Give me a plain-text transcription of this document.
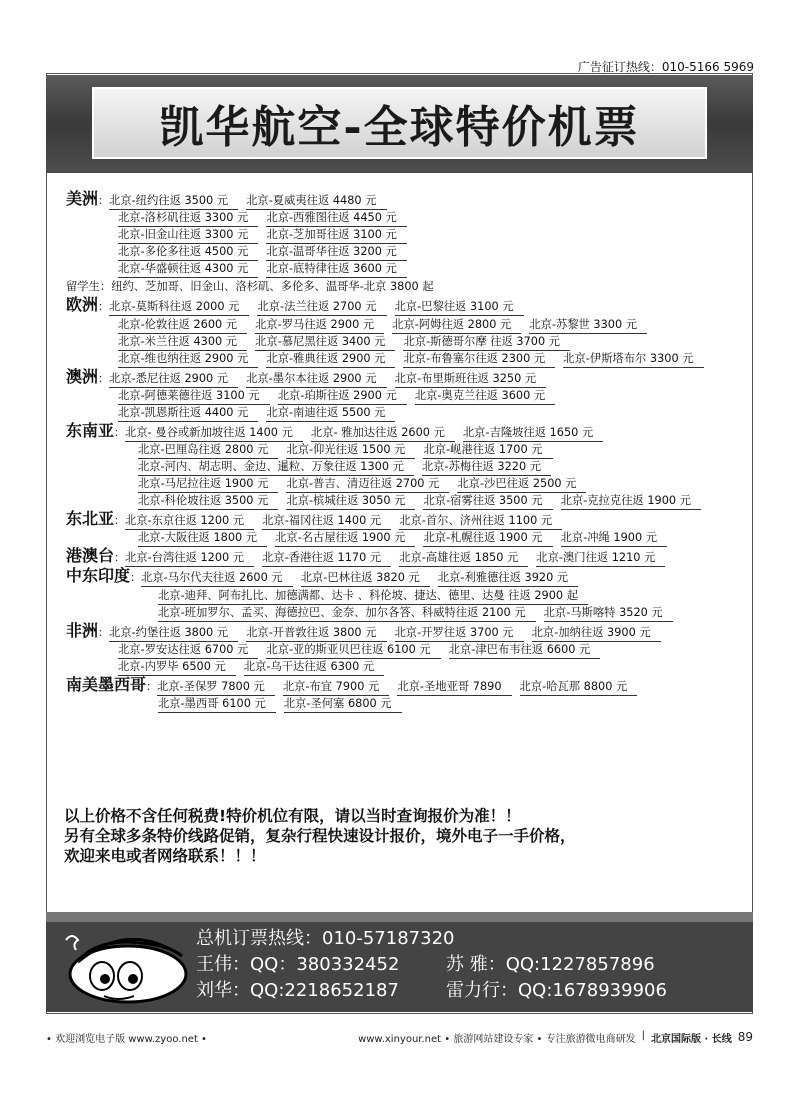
广告征订热线：010-5166 5969
凯华航空-全球特价机票
美洲 ： 北京-纽约往返 3500 元	北京-夏威夷往返 4480 元
北京-洛杉矶往返 3300 元	北京-西雅图往返 4450 元
北京-旧金山往返 3300 元	北京-芝加哥往返 3100 元
北京-多伦多往返 4500 元	北京-温哥华往返 3200 元
北京-华盛顿往返 4300 元	北京-底特律往返 3600 元
留学生：纽约、芝加哥、旧金山、洛杉矶、多伦多、温哥华-北京 3800 起
欧洲 ： 北京-莫斯科往返 2000 元	北京-法兰往返 2700 元	北京-巴黎往返 3100 元
北京-伦敦往返 2600 元	北京-罗马往返 2900 元	北京-阿姆往返 2800 元	北京-苏黎世 3300 元
北京-米兰往返 4300 元	北京-慕尼黑往返 3400 元	北京-斯德哥尔摩 往返 3700 元
北京-维也纳往返 2900 元	北京-雅典往返 2900 元	北京-布鲁塞尔往返 2300 元	北京-伊斯塔布尔 3300 元
澳洲 ： 北京-悉尼往返 2900 元	北京-墨尔本往返 2900 元	北京-布里斯班往返 3250 元
北京-阿德莱德往返 3100 元	北京-珀斯往返 2900 元	北京-奥克兰往返 3600 元
北京-凯恩斯往返 4400 元	北京-南迪往返 5500 元
东南亚 ： 北京- 曼谷或新加坡往返 1400 元	北京- 雅加达往返 2600 元	北京-吉隆坡往返 1650 元
北京-巴厘岛往返 2800 元	北京-仰光往返 1500 元	北京-岘港往返 1700 元
北京-河内、胡志明、金边、暹粒、万象往返 1300 元	北京-苏梅往返 3220 元
北京-马尼拉往返 1900 元	北京-普吉、清迈往返 2700 元	北京-沙巴往返 2500 元
北京-科伦坡往返 3500 元	北京-槟城往返 3050 元	北京-宿雾往返 3500 元	北京-克拉克往返 1900 元
东北亚 ： 北京-东京往返 1200 元	北京-福冈往返 1400 元	北京-首尔、济州往返 1100 元
北京-大阪往返 1800 元	北京-名古屋往返 1900 元	北京-札幌往返 1900 元	北京-冲绳 1900 元
港澳台 ： 北京-台湾往返 1200 元	北京-香港往返 1170 元	北京-高雄往返 1850 元	北京-澳门往返 1210 元
中东印度 ： 北京-马尔代夫往返 2600 元	北京-巴林往返 3820 元	北京-利雅德往返 3920 元
北京-迪拜、阿布扎比、加德满都、达卡 、科伦坡、捷达、德里、达曼 往返 2900 起
北京-班加罗尔、孟买、海德拉巴、金奈、加尔各答、科威特往返 2100 元	北京-马斯喀特 3520 元
非洲 ： 北京-约堡往返 3800 元	北京-开普敦往返 3800 元	北京-开罗往返 3700 元	北京-加纳往返 3900 元
北京-罗安达往返 6700 元	北京-亚的斯亚贝巴往返 6100 元	北京-津巴布韦往返 6600 元
北京-内罗毕 6500 元	北京-乌干达往返 6300 元
南美墨西哥 ： 北京-圣保罗 7800 元	北京-布宜 7900 元	北京-圣地亚哥 7890	北京-哈瓦那 8800 元
北京-墨西哥 6100 元	北京-圣何塞 6800 元
以上价格不含任何税费!特价机位有限，请以当时查询报价为准！！
另有全球多条特价线路促销，复杂行程快速设计报价，境外电子一手价格，
欢迎来电或者网络联系！！！
总机订票热线：010-57187320
王伟：QQ：380332452	苏 雅：QQ:1227857896
刘华：QQ:2218652187	雷力行：QQ:1678939906
• 欢迎浏览电子版 www.zyoo.net •	www.xinyour.net • 旅游网站建设专家 • 专注旅游微电商研发 | 北京国际版 · 长线 89
